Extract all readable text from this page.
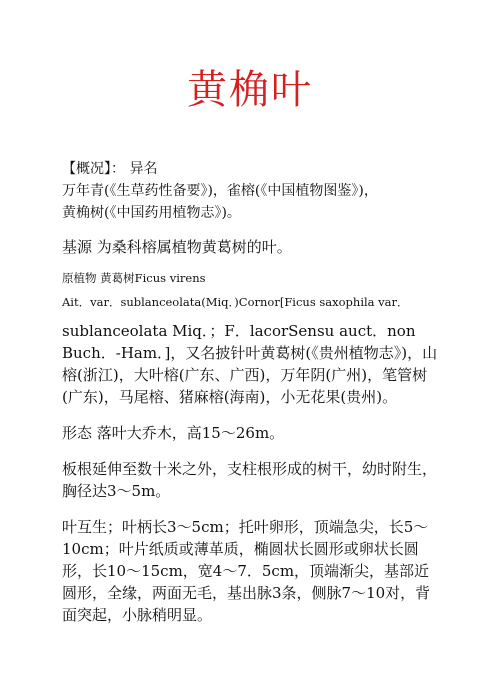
黄桷叶

【概况】： 异名

万年青(《生草药性备要》)，雀榕(《中国植物图鉴》)，

黄桷树(《中国药用植物志》)。

基源 为桑科榕属植物黄葛树的叶。

原植物 黄葛树Ficus virens

Ait．var．sublanceolata(Miq．)Cornor[Ficus saxophila var．

sublanceolata Miq．；F．lacorSensu auct．non Buch．-Ham．]，又名披针叶黄葛树(《贵州植物志》)，山榕(浙江)，大叶榕(广东、广西)，万年阴(广州)，笔管树(广东)，马尾榕、猪麻榕(海南)，小无花果(贵州)。

形态 落叶大乔木，高15～26m。

板根延伸至数十米之外，支柱根形成的树干，幼时附生，胸径达3～5m。

叶互生；叶柄长3～5cm；托叶卵形，顶端急尖，长5～10cm；叶片纸质或薄革质，椭圆状长圆形或卵状长圆形，长10～15cm，宽4～7．5cm，顶端渐尖，基部近圆形，全缘，两面无毛，基出脉3条，侧脉7～10对，背面突起，小脉稍明显。
